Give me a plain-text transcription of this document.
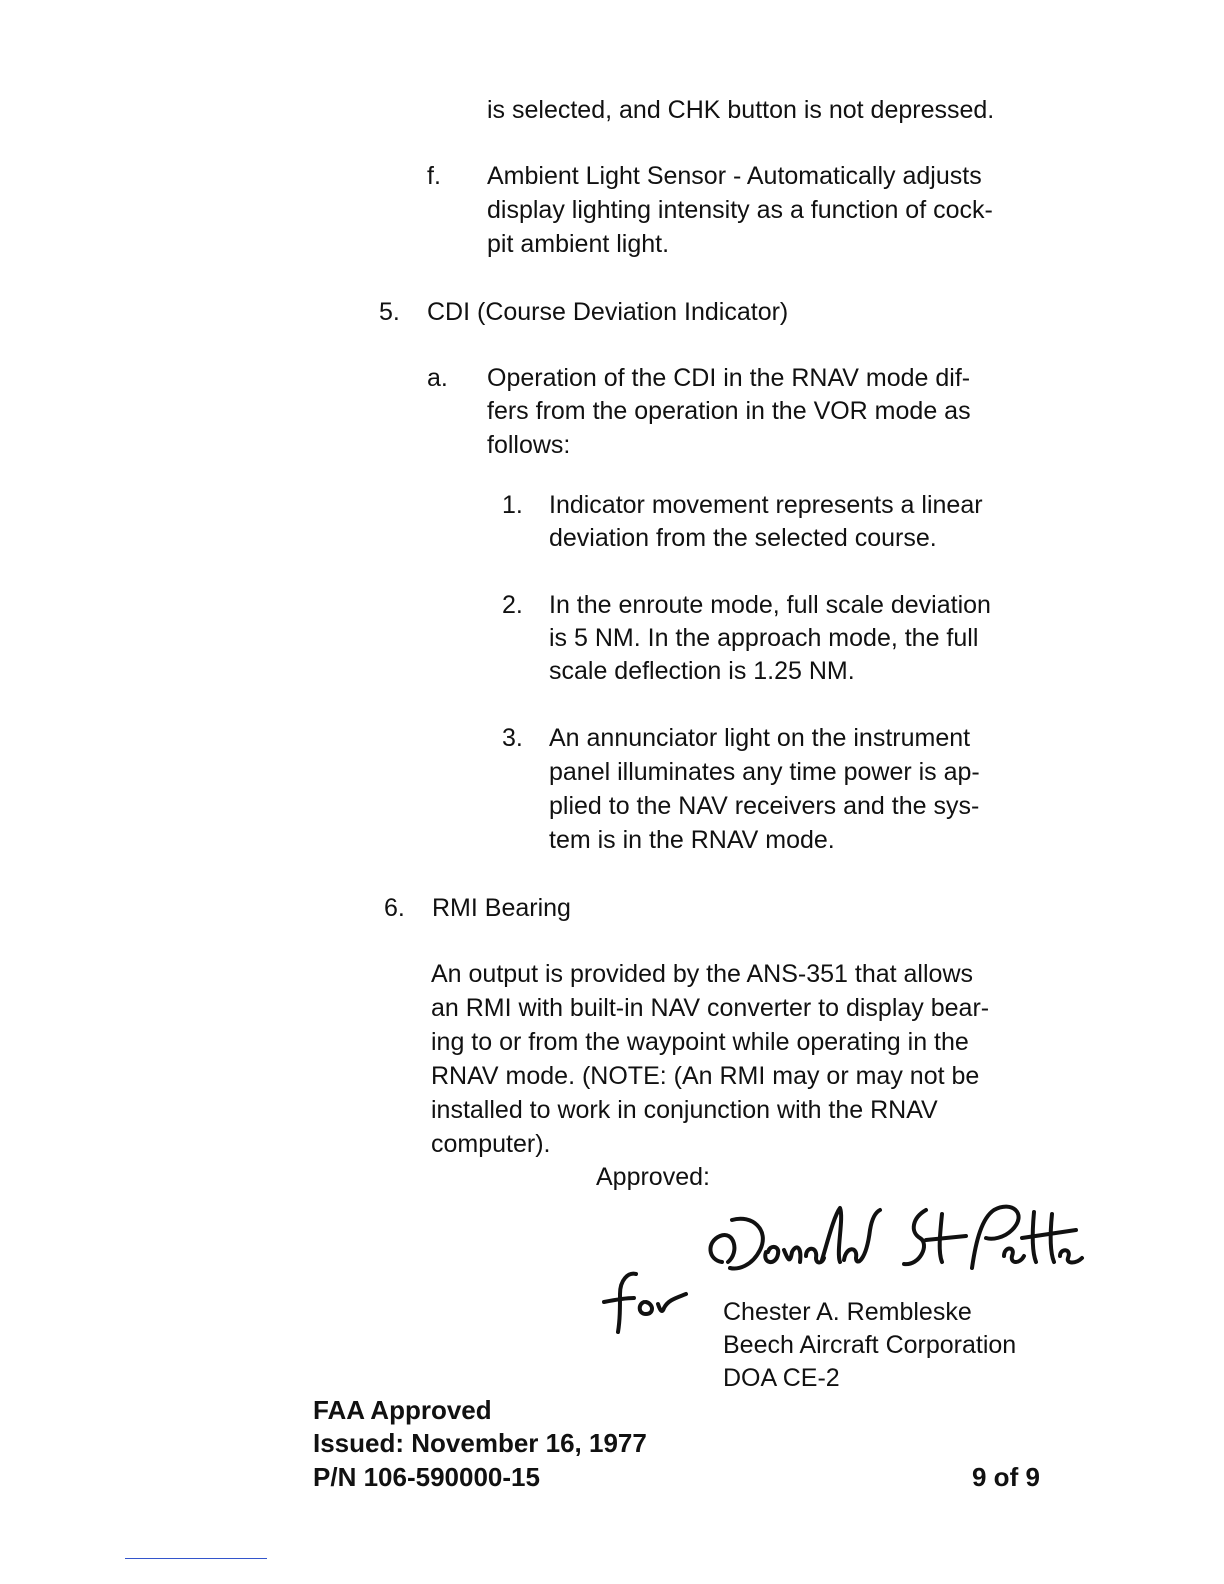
is selected, and CHK button is not depressed.

f. Ambient Light Sensor - Automatically adjusts

display lighting intensity as a function of cock-

pit ambient light.

5. CDI (Course Deviation Indicator)

a. Operation of the CDI in the RNAV mode dif-

fers from the operation in the VOR mode as

follows:

1. Indicator movement represents a linear

deviation from the selected course.

2. In the enroute mode, full scale deviation

is 5 NM. In the approach mode, the full

scale deflection is 1.25 NM.

3. An annunciator light on the instrument

panel illuminates any time power is ap-

plied to the NAV receivers and the sys-

tem is in the RNAV mode.

6. RMI Bearing

An output is provided by the ANS-351 that allows

an RMI with built-in NAV converter to display bear-

ing to or from the waypoint while operating in the

RNAV mode. (NOTE: (An RMI may or may not be

installed to work in conjunction with the RNAV

computer).

Approved:

Chester A. Rembleske

Beech Aircraft Corporation

DOA CE-2

FAA Approved

Issued: November 16, 1977

P/N 106-590000-15	9 of 9
